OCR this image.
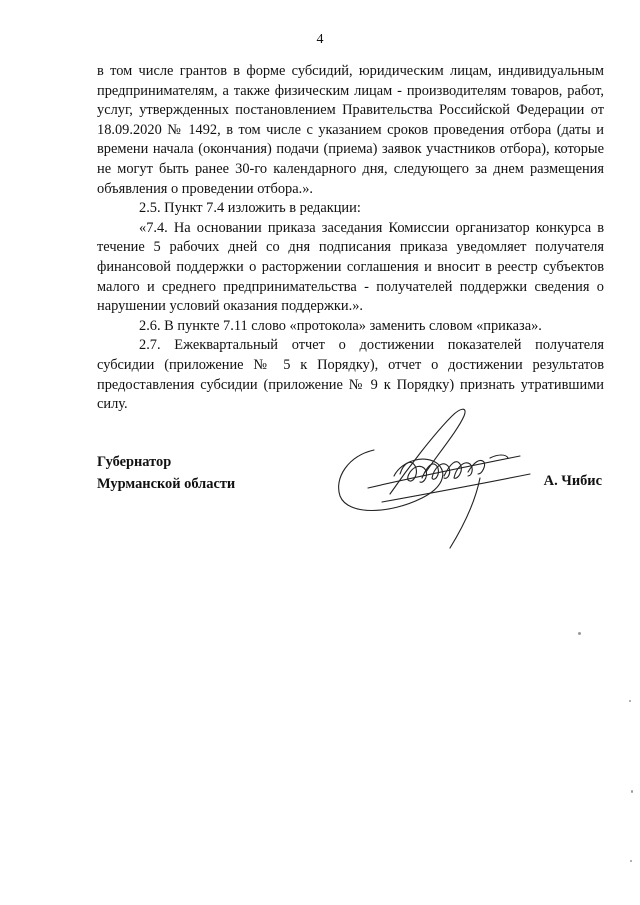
4

в том числе грантов в форме субсидий, юридическим лицам, индивидуальным предпринимателям, а также физическим лицам - производителям товаров, работ, услуг, утвержденных постановлением Правительства Российской Федерации от 18.09.2020 № 1492, в том числе с указанием сроков проведения отбора (даты и времени начала (окончания) подачи (приема) заявок участников отбора), которые не могут быть ранее 30-го календарного дня, следующего за днем размещения объявления о проведении отбора.».

2.5. Пункт 7.4 изложить в редакции:

«7.4. На основании приказа заседания Комиссии организатор конкурса в течение 5 рабочих дней со дня подписания приказа уведомляет получателя финансовой поддержки о расторжении соглашения и вносит в реестр субъектов малого и среднего предпринимательства - получателей поддержки сведения о нарушении условий оказания поддержки.».

2.6. В пункте 7.11 слово «протокола» заменить словом «приказа».

2.7. Ежеквартальный отчет о достижении показателей получателя субсидии (приложение № 5 к Порядку), отчет о достижении результатов предоставления субсидии (приложение № 9 к Порядку) признать утратившими силу.

Губернатор
Мурманской области	А. Чибис
